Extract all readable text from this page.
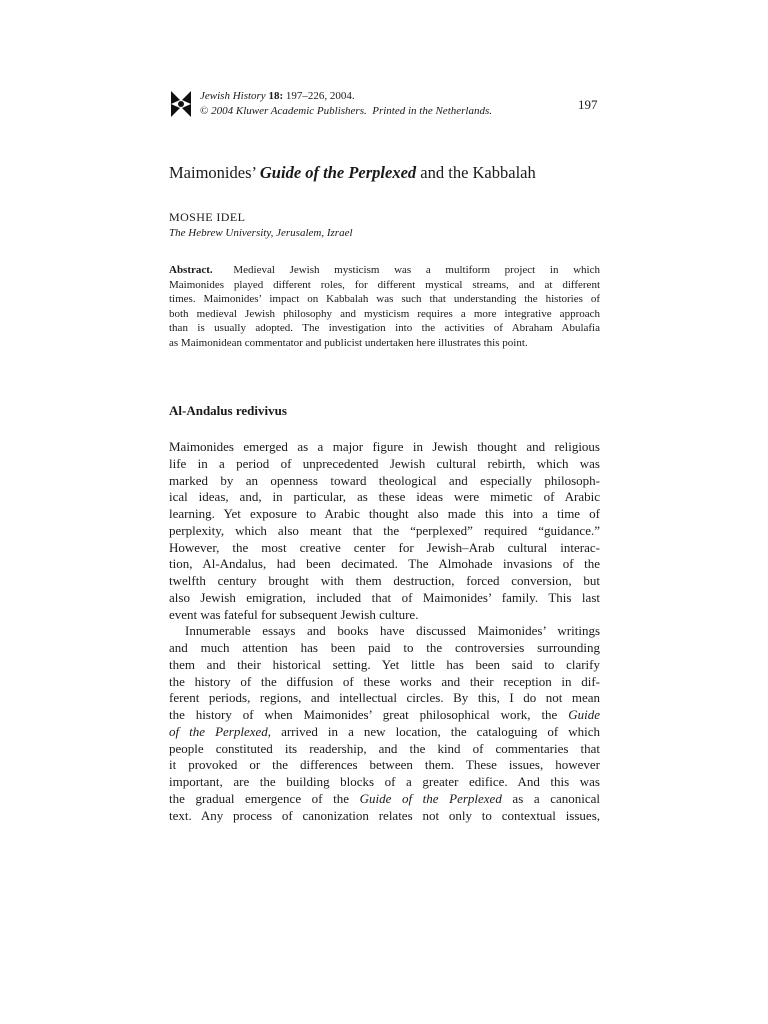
Jewish History 18: 197–226, 2004.
© 2004 Kluwer Academic Publishers. Printed in the Netherlands.	197
Maimonides’ Guide of the Perplexed and the Kabbalah
MOSHE IDEL
The Hebrew University, Jerusalem, Izrael
Abstract. Medieval Jewish mysticism was a multiform project in which
Maimonides played different roles, for different mystical streams, and at different
times. Maimonides’ impact on Kabbalah was such that understanding the histories of
both medieval Jewish philosophy and mysticism requires a more integrative approach
than is usually adopted. The investigation into the activities of Abraham Abulafia
as Maimonidean commentator and publicist undertaken here illustrates this point.
Al-Andalus redivivus
Maimonides emerged as a major figure in Jewish thought and religious
life in a period of unprecedented Jewish cultural rebirth, which was
marked by an openness toward theological and especially philosoph-
ical ideas, and, in particular, as these ideas were mimetic of Arabic
learning. Yet exposure to Arabic thought also made this into a time of
perplexity, which also meant that the “perplexed” required “guidance.”
However, the most creative center for Jewish–Arab cultural interac-
tion, Al-Andalus, had been decimated. The Almohade invasions of the
twelfth century brought with them destruction, forced conversion, but
also Jewish emigration, included that of Maimonides’ family. This last
event was fateful for subsequent Jewish culture.
Innumerable essays and books have discussed Maimonides’ writings
and much attention has been paid to the controversies surrounding
them and their historical setting. Yet little has been said to clarify
the history of the diffusion of these works and their reception in dif-
ferent periods, regions, and intellectual circles. By this, I do not mean
the history of when Maimonides’ great philosophical work, the Guide
of the Perplexed, arrived in a new location, the cataloguing of which
people constituted its readership, and the kind of commentaries that
it provoked or the differences between them. These issues, however
important, are the building blocks of a greater edifice. And this was
the gradual emergence of the Guide of the Perplexed as a canonical
text. Any process of canonization relates not only to contextual issues,
